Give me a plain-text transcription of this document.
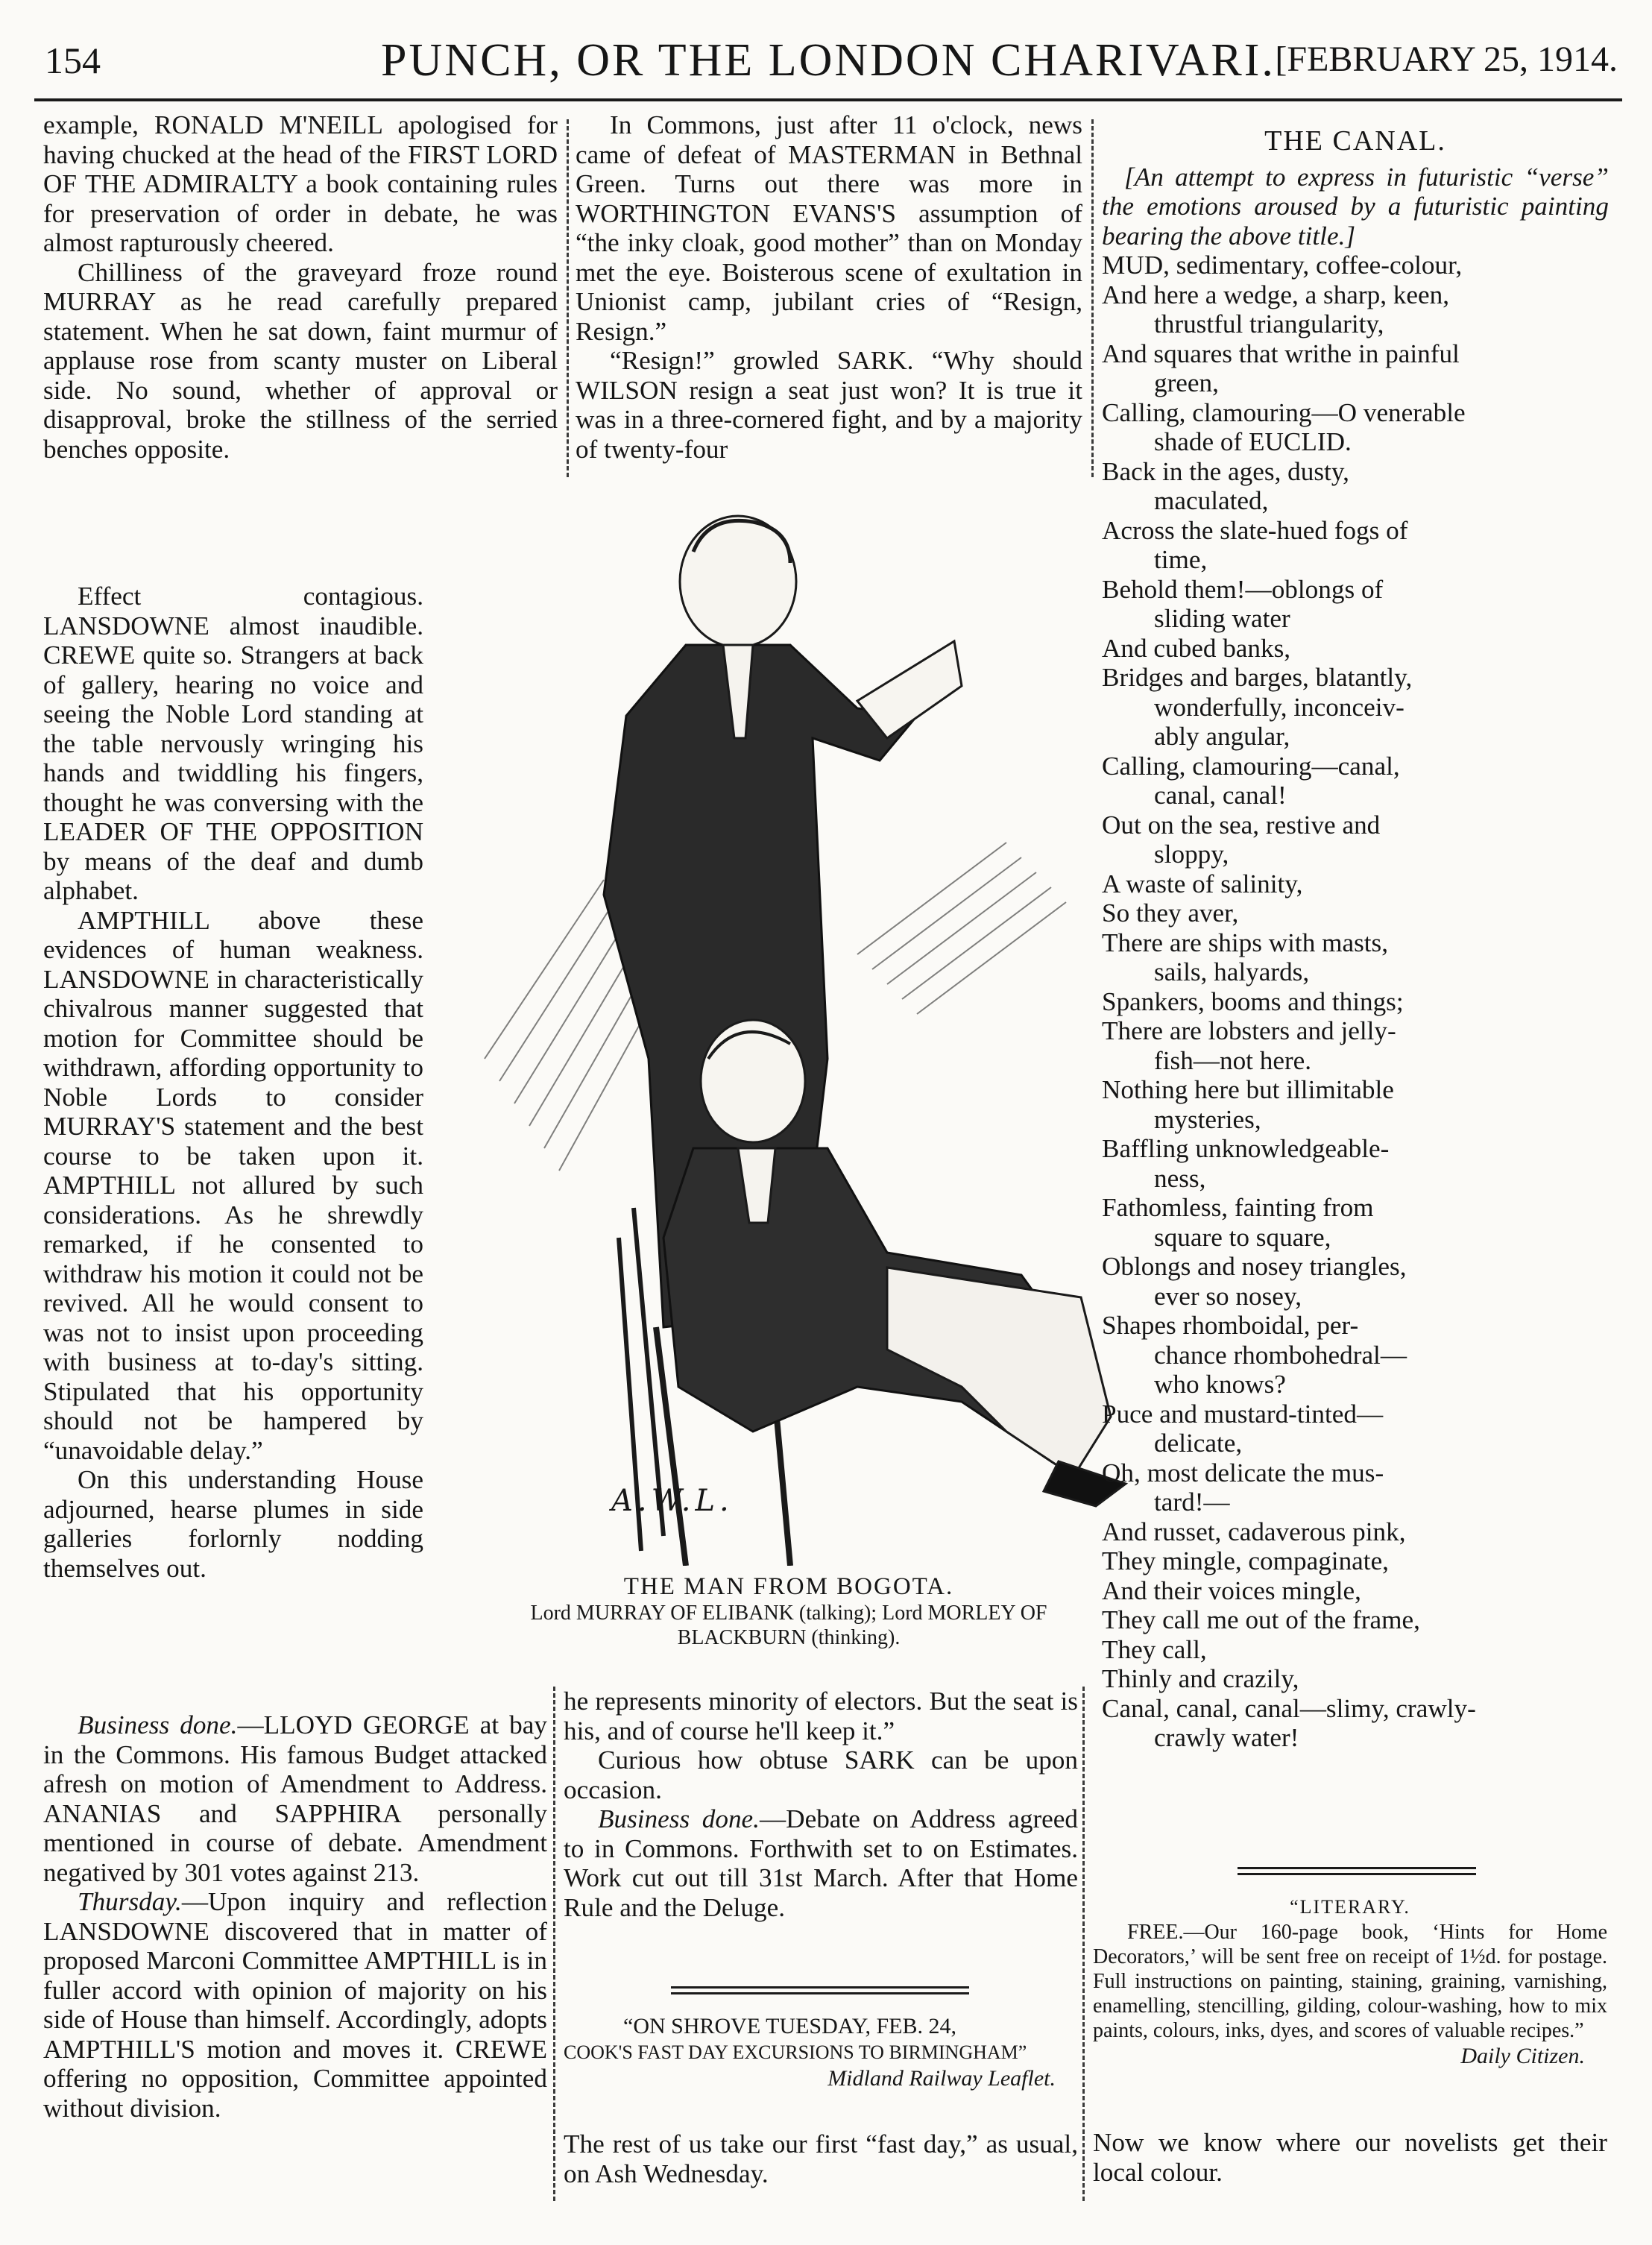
154	PUNCH, OR THE LONDON CHARIVARI. [FEBRUARY 25, 1914.

example, RONALD M'NEILL apologised for having chucked at the head of the FIRST LORD OF THE ADMIRALTY a book containing rules for preservation of order in debate, he was almost rapturously cheered.

Chilliness of the graveyard froze round MURRAY as he read carefully prepared statement. When he sat down, faint murmur of applause rose from scanty muster on Liberal side. No sound, whether of approval or disapproval, broke the stillness of the serried benches opposite.

Effect contagious. LANSDOWNE almost inaudible. CREWE quite so. Strangers at back of gallery, hearing no voice and seeing the Noble Lord standing at the table nervously wringing his hands and twiddling his fingers, thought he was conversing with the LEADER OF THE OPPOSITION by means of the deaf and dumb alphabet.

AMPTHILL above these evidences of human weakness. LANSDOWNE in characteristically chivalrous manner suggested that motion for Committee should be withdrawn, affording opportunity to Noble Lords to consider MURRAY'S statement and the best course to be taken upon it. AMPTHILL not allured by such considerations. As he shrewdly remarked, if he consented to withdraw his motion it could not be revived. All he would consent to was not to insist upon proceeding with business at to-day's sitting. Stipulated that his opportunity should not be hampered by “unavoidable delay.”

On this understanding House adjourned, hearse plumes in side galleries forlornly nodding themselves out.

Business done.—LLOYD GEORGE at bay in the Commons. His famous Budget attacked afresh on motion of Amendment to Address. ANANIAS and SAPPHIRA personally mentioned in course of debate. Amendment negatived by 301 votes against 213.

Thursday.—Upon inquiry and reflection LANSDOWNE discovered that in matter of proposed Marconi Committee AMPTHILL is in fuller accord with opinion of majority on his side of House than himself. Accordingly, adopts AMPTHILL'S motion and moves it. CREWE offering no opposition, Committee appointed without division.

In Commons, just after 11 o'clock, news came of defeat of MASTERMAN in Bethnal Green. Turns out there was more in WORTHINGTON EVANS'S assumption of “the inky cloak, good mother” than on Monday met the eye. Boisterous scene of exultation in Unionist camp, jubilant cries of “Resign, Resign.”

“Resign!” growled SARK. “Why should WILSON resign a seat just won? It is true it was in a three-cornered fight, and by a majority of twenty-four

A.W.L.
THE MAN FROM BOGOTA.
Lord MURRAY OF ELIBANK (talking); Lord MORLEY OF
BLACKBURN (thinking).

he represents minority of electors. But the seat is his, and of course he'll keep it.”

Curious how obtuse SARK can be upon occasion.

Business done.—Debate on Address agreed to in Commons. Forthwith set to on Estimates. Work cut out till 31st March. After that Home Rule and the Deluge.

“ON SHROVE TUESDAY, FEB. 24,
COOK'S FAST DAY EXCURSIONS TO BIRMINGHAM”
Midland Railway Leaflet.

The rest of us take our first “fast day,” as usual, on Ash Wednesday.

THE CANAL.

[An attempt to express in futuristic “verse” the emotions aroused by a futuristic painting bearing the above title.]

MUD, sedimentary, coffee-colour,
And here a wedge, a sharp, keen,
thrustful triangularity,
And squares that writhe in painful
green,
Calling, clamouring—O venerable
shade of EUCLID.
Back in the ages, dusty,
maculated,
Across the slate-hued fogs of
time,
Behold them!—oblongs of
sliding water
And cubed banks,
Bridges and barges, blatantly,
wonderfully, inconceiv-
ably angular,
Calling, clamouring—canal,
canal, canal!
Out on the sea, restive and
sloppy,
A waste of salinity,
So they aver,
There are ships with masts,
sails, halyards,
Spankers, booms and things;
There are lobsters and jelly-
fish—not here.
Nothing here but illimitable
mysteries,
Baffling unknowledgeable-
ness,
Fathomless, fainting from
square to square,
Oblongs and nosey triangles,
ever so nosey,
Shapes rhomboidal, per-
chance rhombohedral—
who knows?
Puce and mustard-tinted—
delicate,
Oh, most delicate the mus-
tard!—
And russet, cadaverous pink,
They mingle, compaginate,
And their voices mingle,
They call me out of the frame,
They call,
Thinly and crazily,
Canal, canal, canal—slimy, crawly-
crawly water!
“LITERARY.

FREE.—Our 160-page book, ‘Hints for Home Decorators,’ will be sent free on receipt of 1½d. for postage. Full instructions on painting, staining, graining, varnishing, enamelling, stencilling, gilding, colour-washing, how to mix paints, colours, inks, dyes, and scores of valuable recipes.”

Daily Citizen.

Now we know where our novelists get their local colour.
